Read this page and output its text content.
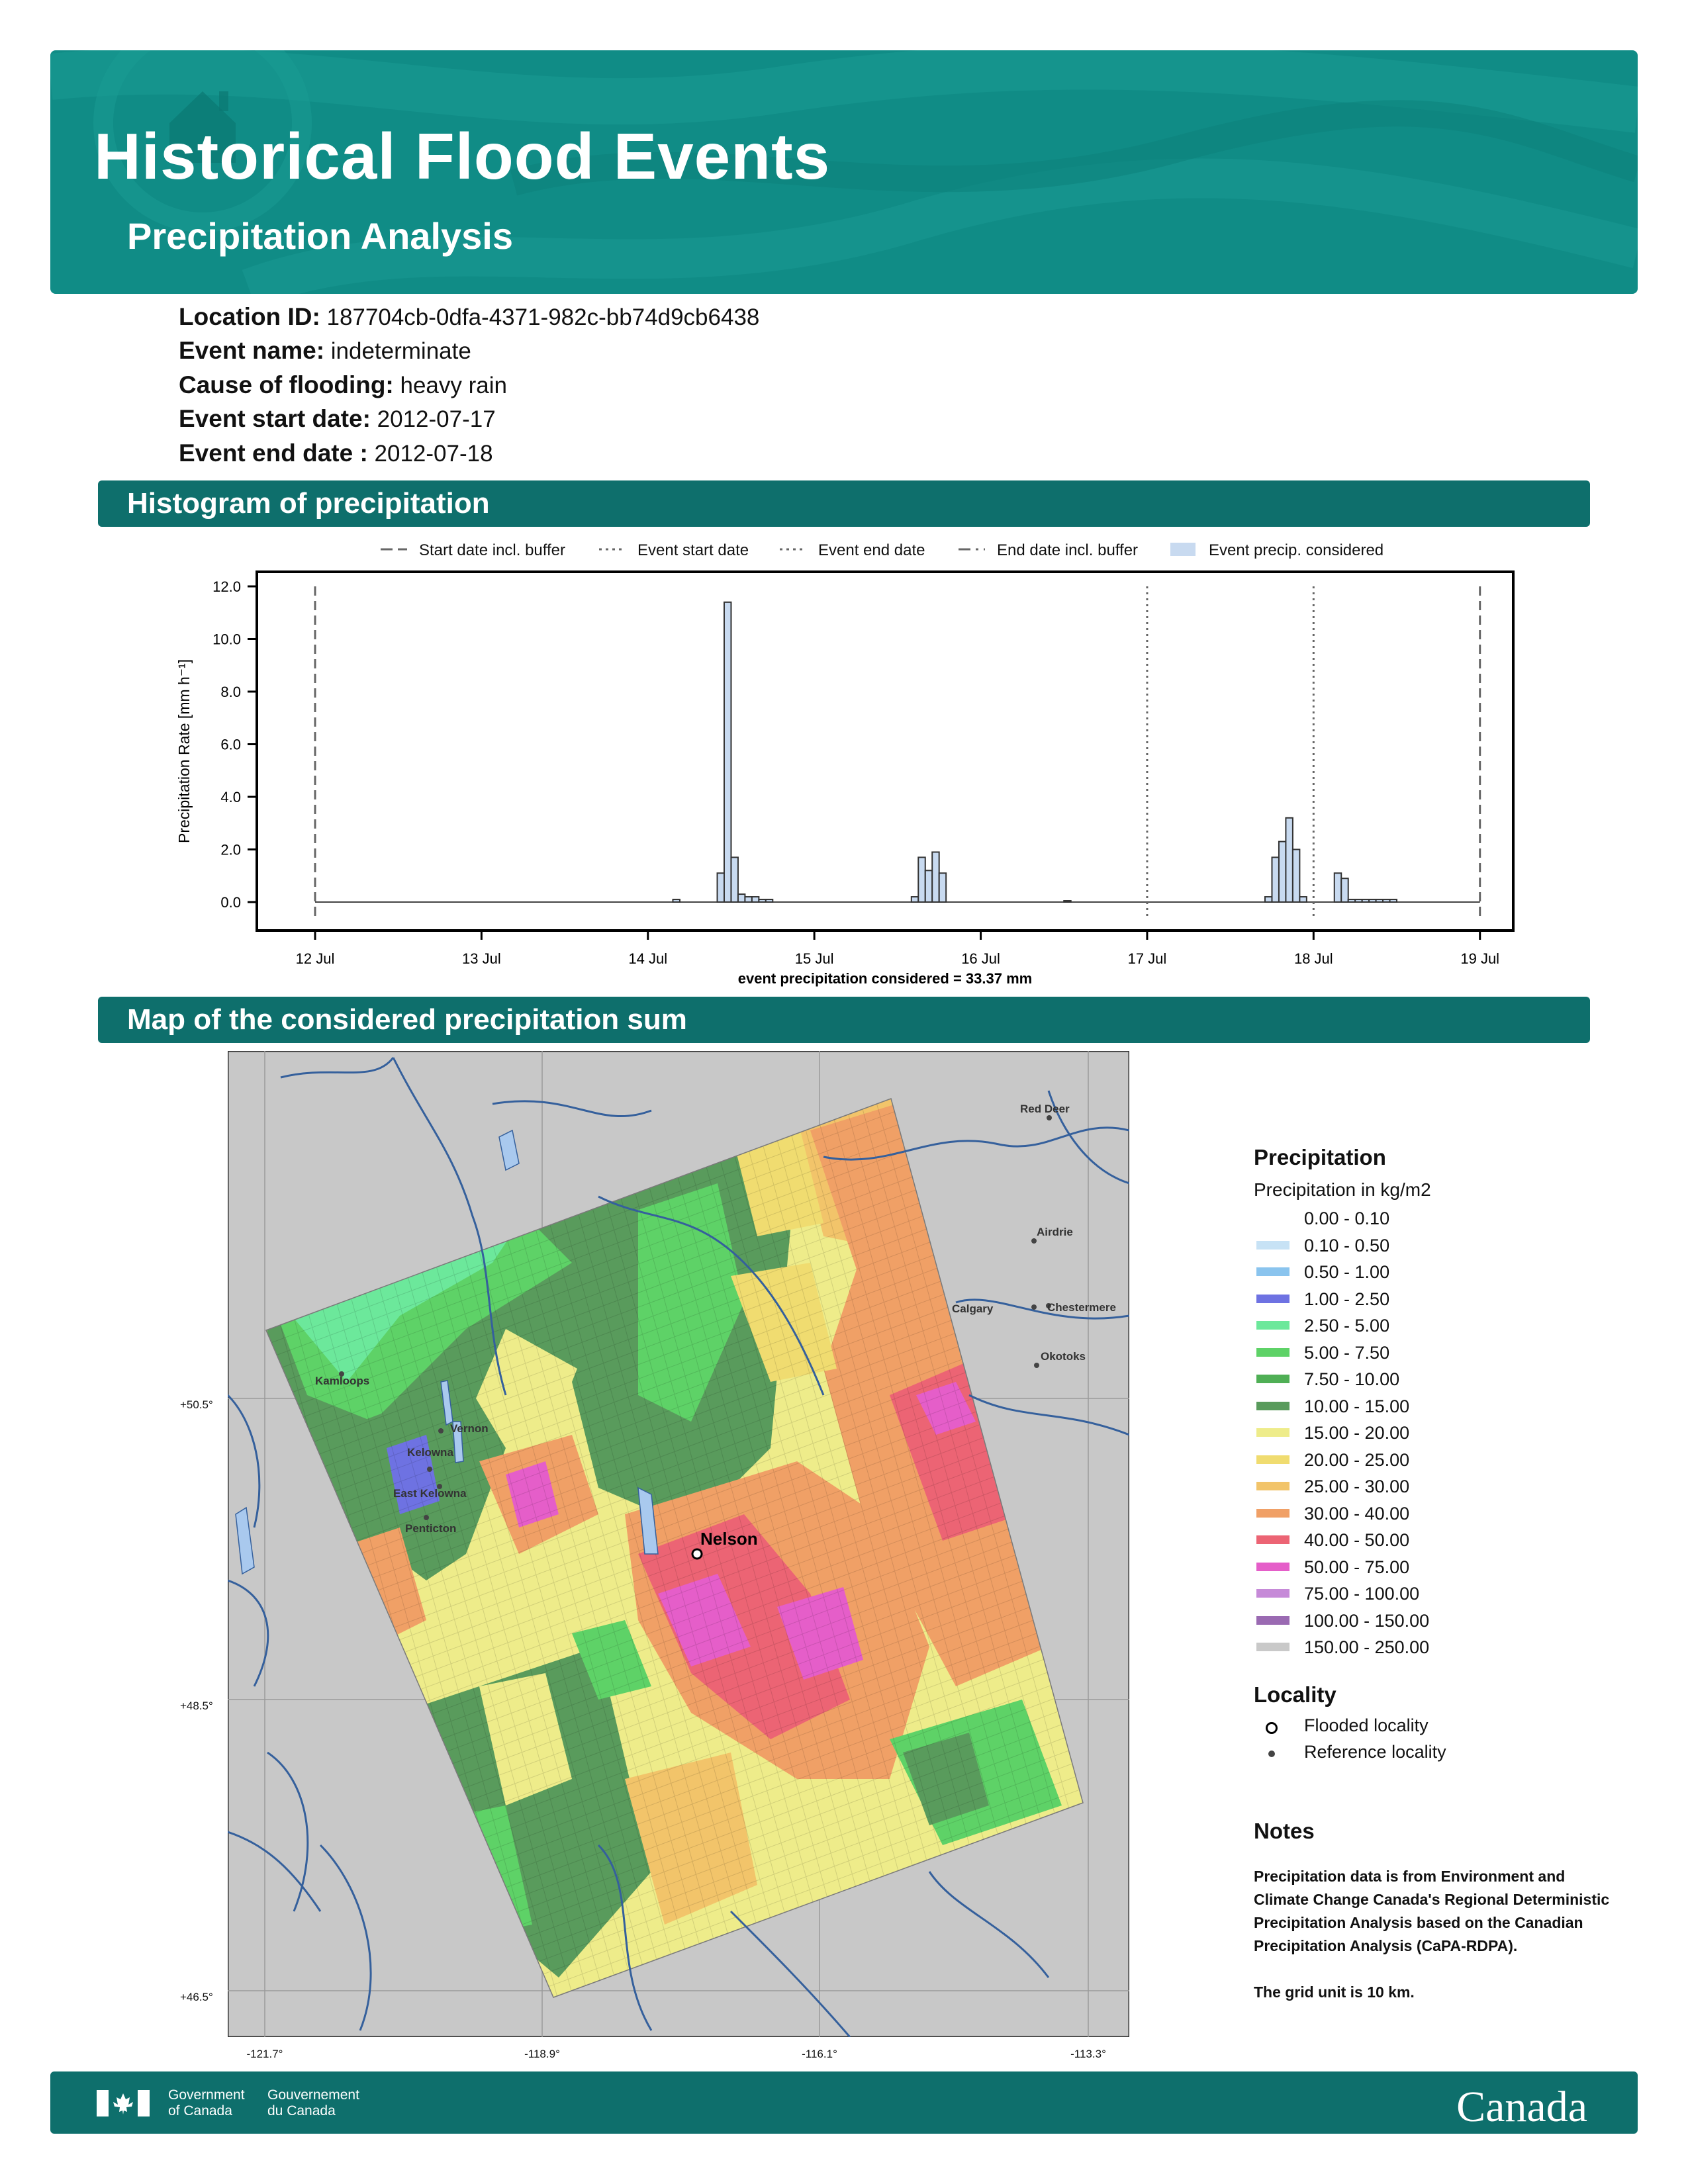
Historical Flood Events
Precipitation Analysis
Location ID: 187704cb-0dfa-4371-982c-bb74d9cb6438
Event name: indeterminate
Cause of flooding: heavy rain
Event start date: 2012-07-17
Event end date : 2012-07-18
Histogram of precipitation
Start date incl. buffer	Event start date	Event end date	End date incl. buffer	Event precip. considered
0.0
2.0
4.0
6.0
8.0
10.0
12.0
12 Jul	13 Jul	14 Jul	15 Jul	16 Jul	17 Jul	18 Jul	19 Jul
Precipitation Rate [mm h⁻¹]
event precipitation considered = 33.37 mm
Map of the considered precipitation sum
Red Deer
Airdrie
Calgary	Chestermere
Okotoks
Kamloops
Vernon
Kelowna
East Kelowna
Penticton
Nelson
+50.5°
+48.5°
+46.5°
-121.7°	-118.9°	-116.1°	-113.3°
Precipitation
Precipitation in kg/m2
0.00 - 0.10
0.10 - 0.50
0.50 - 1.00
1.00 - 2.50
2.50 - 5.00
5.00 - 7.50
7.50 - 10.00
10.00 - 15.00
15.00 - 20.00
20.00 - 25.00
25.00 - 30.00
30.00 - 40.00
40.00 - 50.00
50.00 - 75.00
75.00 - 100.00
100.00 - 150.00
150.00 - 250.00
Locality
Flooded locality
Reference locality
Notes
Precipitation data is from Environment and Climate Change Canada's Regional Deterministic Precipitation Analysis based on the Canadian Precipitation Analysis (CaPA-RDPA).
The grid unit is 10 km.
Government of Canada
Gouvernement du Canada	Canada
